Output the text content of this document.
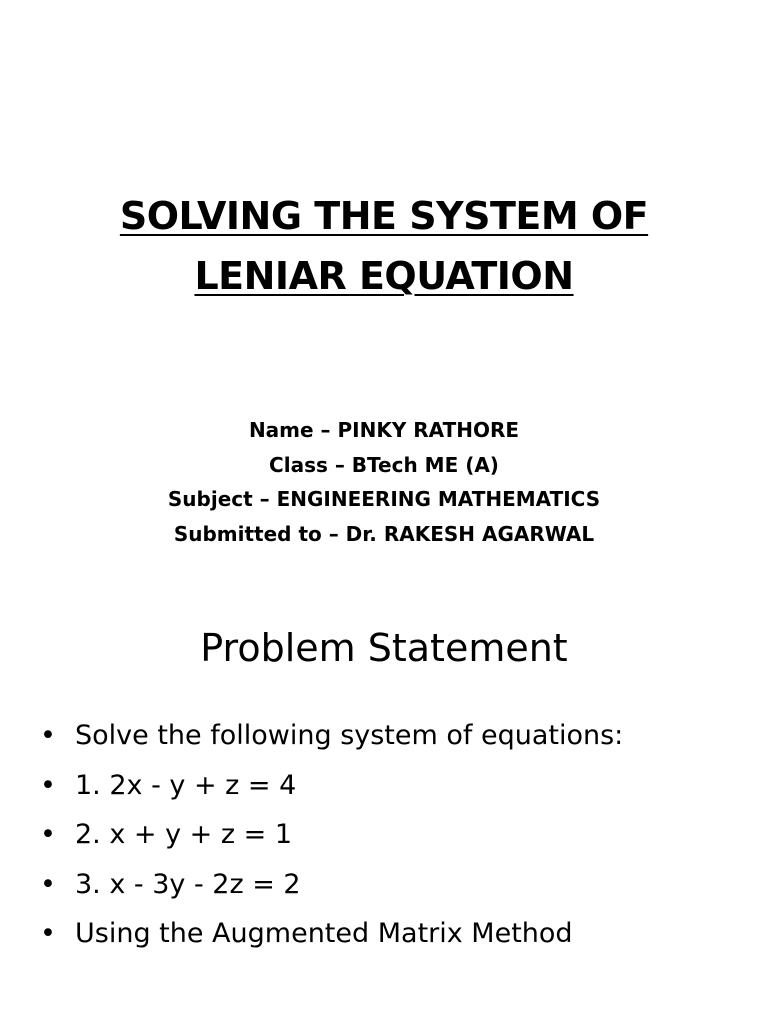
SOLVING THE SYSTEM OF
LENIAR EQUATION
Name – PINKY RATHORE
Class – BTech ME (A)
Subject – ENGINEERING MATHEMATICS
Submitted to – Dr. RAKESH AGARWAL
Problem Statement
• Solve the following system of equations:
• 1. 2x - y + z = 4
• 2. x + y + z = 1
• 3. x - 3y - 2z = 2
• Using the Augmented Matrix Method
